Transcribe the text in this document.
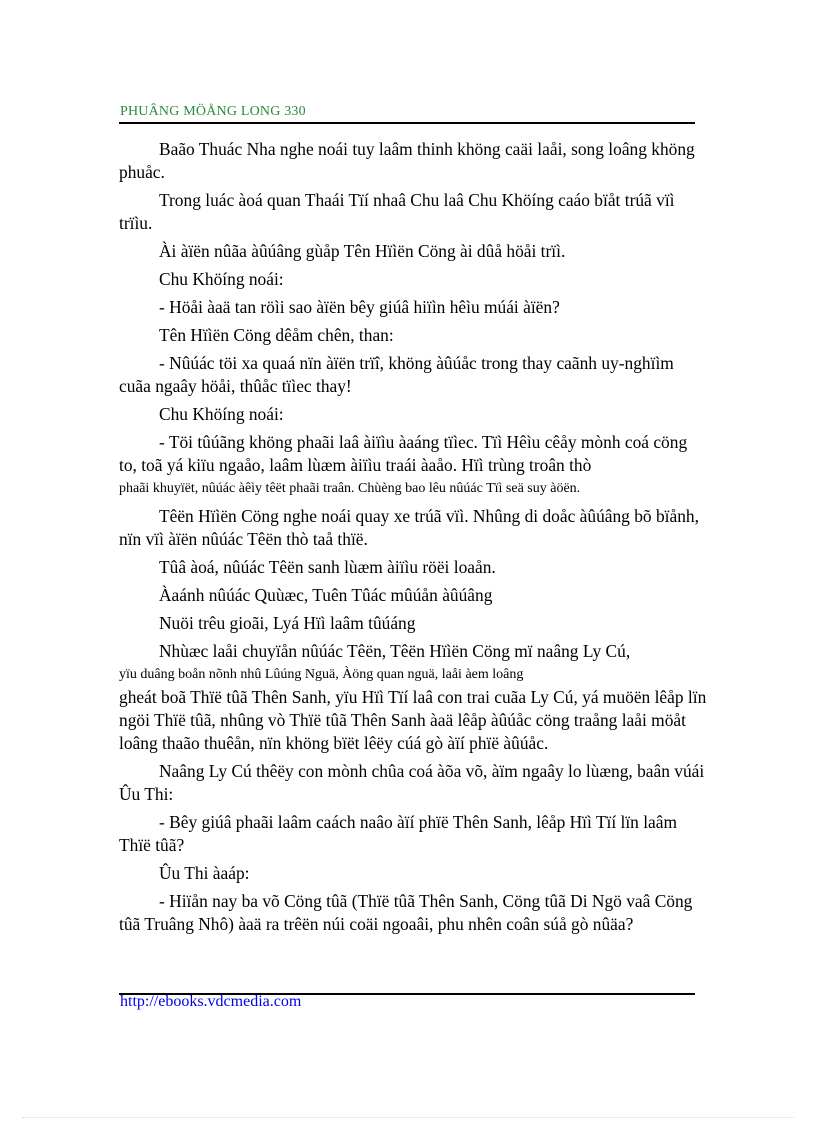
PHUÂNG MÖÅNG LONG 330

Baão Thuác Nha nghe noái tuy laâm thinh khöng caäi laåi, song loâng khöng phuåc.

Trong luác àoá quan Thaái Tïí nhaâ Chu laâ Chu Khöíng caáo bïåt trúã vïì trïìu.

Ài àïën nûãa àûúâng gùåp Tên Hïìën Cöng ài dûå höåi trïì.

Chu Khöíng noái:

- Höåi àaä tan röìi sao àïën bêy giúâ hiïìn hêìu múái àïën?

Tên Hïìën Cöng dêåm chên, than:

- Nûúác töi xa quaá nïn àïën trïî, khöng àûúåc trong thay caãnh uy-nghïìm cuãa ngaây höåi, thûåc tïìec thay!

Chu Khöíng noái:

- Töi tûúãng khöng phaãi laâ àiïìu àaáng tïìec. Tïì Hêìu cêåy mònh coá cöng to, toã yá kiïu ngaåo, laâm lùæm àiïìu traái àaåo. Hïì trùng troân thò

phaãi khuyïët, nûúác àêìy têët phaãi traân. Chùèng bao lêu nûúác Tïì seä suy àöën.

Têën Hïìën Cöng nghe noái quay xe trúã vïì. Nhûng di doåc àûúâng bõ bïånh, nïn vïì àïën nûúác Têën thò taå thïë.

Tûâ àoá, nûúác Têën sanh lùæm àiïìu röëi loaån.

Àaánh nûúác Quùæc, Tuên Tûác mûúån àûúâng

Nuöi trêu gioãi, Lyá Hïì laâm tûúáng

Nhùæc laåi chuyïån nûúác Têën, Têën Hïìën Cöng mï naâng Ly Cú,

yïu duâng boån nõnh nhû Lûúng Nguä, Àöng quan nguä, laåi àem loâng

gheát boã Thïë tûã Thên Sanh, yïu Hïì Tïí laâ con trai cuãa Ly Cú, yá muöën lêåp lïn ngöi Thïë tûã, nhûng vò Thïë tûã Thên Sanh àaä lêåp àûúåc cöng traång laåi möåt loâng thaão thuêån, nïn khöng bïët lêëy cúá gò àïí phïë àûúåc.

Naâng Ly Cú thêëy con mònh chûa coá àõa võ, àïm ngaây lo lùæng, baân vúái Ûu Thi:

- Bêy giúâ phaãi laâm caách naâo àïí phïë Thên Sanh, lêåp Hïì Tïí lïn laâm Thïë tûã?

Ûu Thi àaáp:

- Hiïån nay ba võ Cöng tûã (Thïë tûã Thên Sanh, Cöng tûã Di Ngö vaâ Cöng tûã Truâng Nhô) àaä ra trêën núi coäi ngoaâi, phu nhên coân súå gò nûäa?

http://ebooks.vdcmedia.com
